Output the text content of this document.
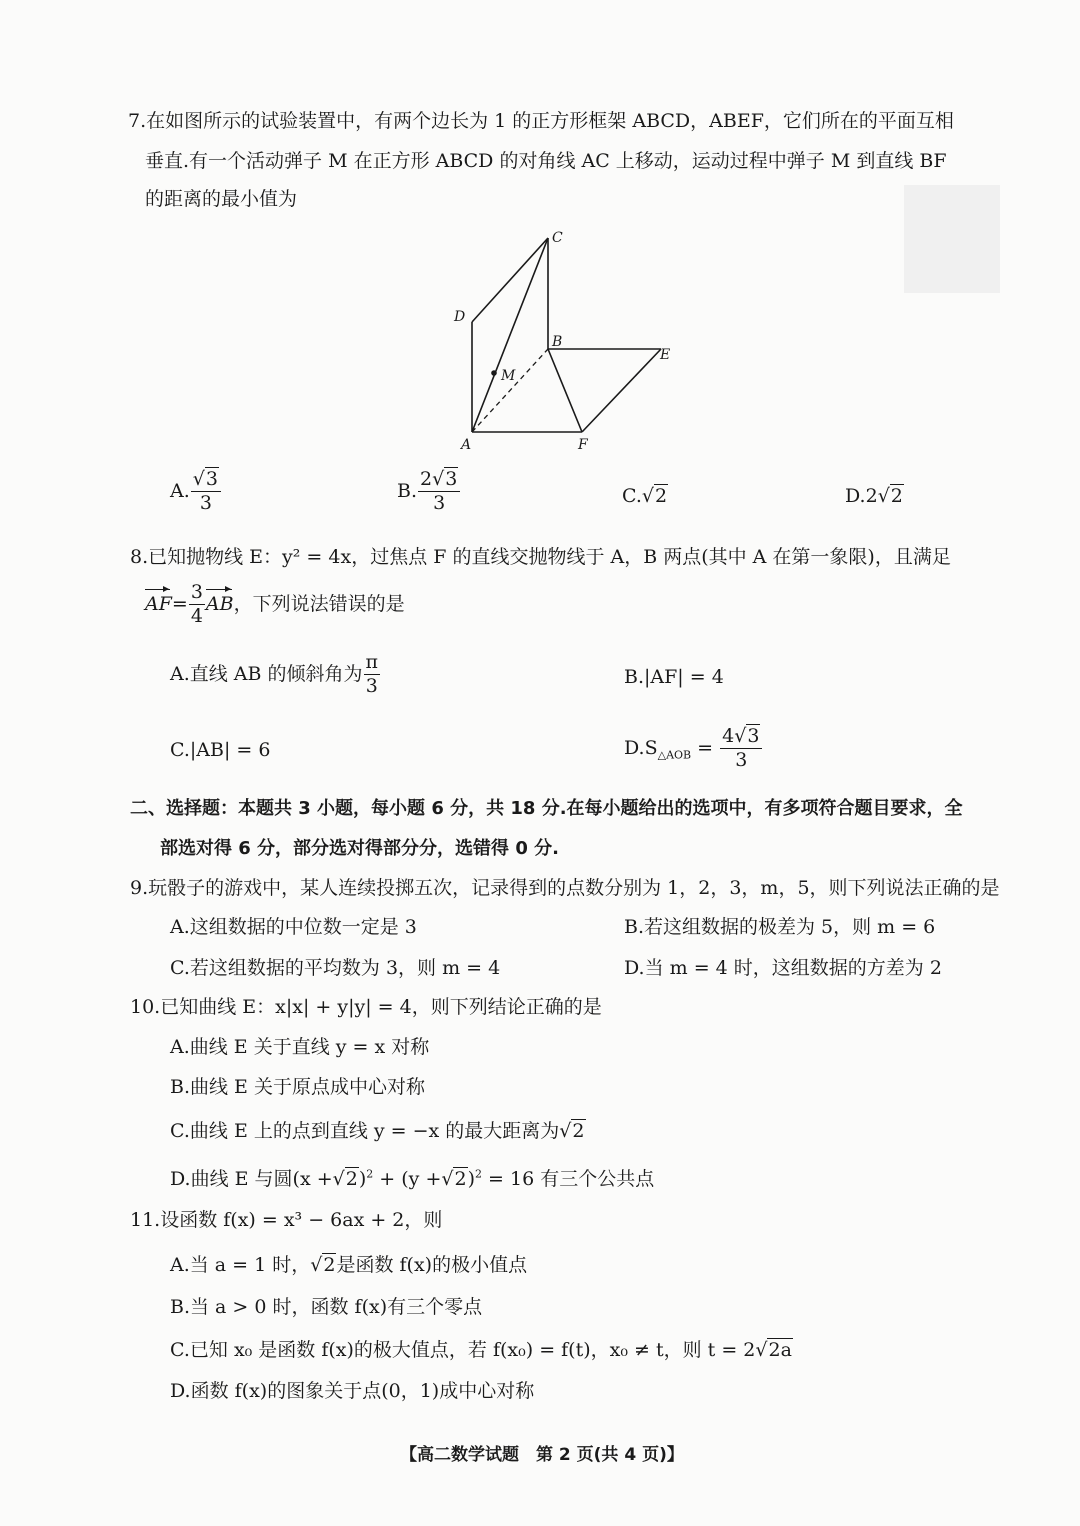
7.在如图所示的试验装置中，有两个边长为 1 的正方形框架 ABCD，ABEF，它们所在的平面互相
垂直.有一个活动弹子 M 在正方形 ABCD 的对角线 AC 上移动，运动过程中弹子 M 到直线 BF
的距离的最小值为
C
D
B
E
M
A	F
A. $\frac{√3}{3}$	B. $\frac{2√3}{3}$	C.√2	D.2√2
8.已知抛物线 E：y² = 4x，过焦点 F 的直线交抛物线于 A，B 两点(其中 A 在第一象限)，且满足
$AF= \frac{3}{4}$ AB，下列说法错误的是
A.直线 AB 的倾斜角为 $\frac{\pi}{3}$	B.|AF| = 4
C.|AB| = 6	$D.S_{\triangle AOB} = \frac{4√3}{3}$
二、选择题：本题共 3 小题，每小题 6 分，共 18 分.在每小题给出的选项中，有多项符合题目要求，全
部选对得 6 分，部分选对得部分分，选错得 0 分.
9.玩骰子的游戏中，某人连续投掷五次，记录得到的点数分别为 1，2，3，m，5，则下列说法正确的是
A.这组数据的中位数一定是 3	B.若这组数据的极差为 5，则 m = 6
C.若这组数据的平均数为 3，则 m = 4	D.当 m = 4 时，这组数据的方差为 2
10.已知曲线 E：x|x| + y|y| = 4，则下列结论正确的是
A.曲线 E 关于直线 y = x 对称
B.曲线 E 关于原点成中心对称
C.曲线 E 上的点到直线 y = −x 的最大距离为√2
D.曲线 E 与圆$(x +√2)^2 + (y +√2)^2 = 16$ 有三个公共点
11.设函数 f(x) = x³ − 6ax + 2，则
A.当 a = 1 时，√2是函数 f(x)的极小值点
B.当 a > 0 时，函数 f(x)有三个零点
C.已知 x₀ 是函数 f(x)的极大值点，若 f(x₀) = f(t)，x₀ ≠ t，则 t = 2√2a
D.函数 f(x)的图象关于点(0，1)成中心对称
【高二数学试题　第 2 页(共 4 页)】
